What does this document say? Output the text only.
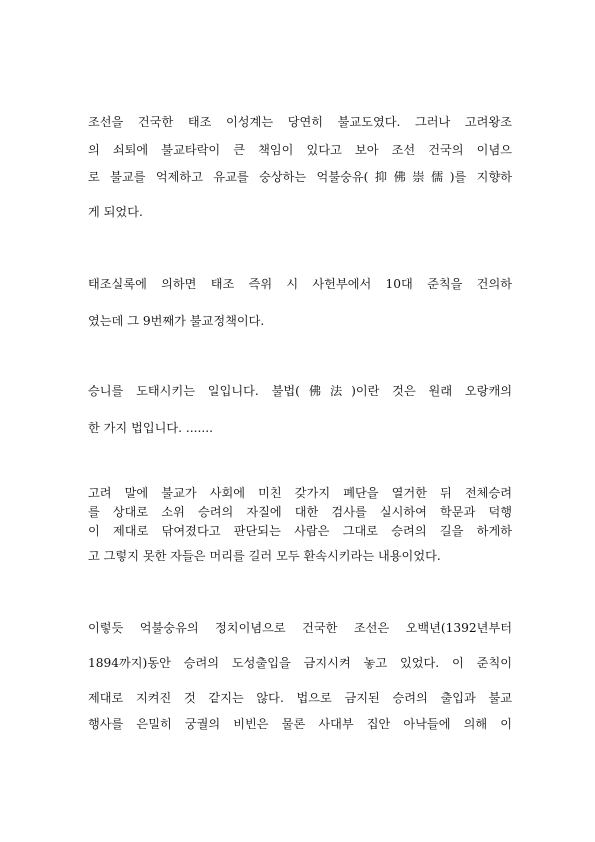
조선을 건국한 태조 이성계는 당연히 불교도였다. 그러나 고려왕조
의 쇠퇴에 불교타락이 큰 책임이 있다고 보아 조선 건국의 이념으
로 불교를 억제하고 유교를 숭상하는 억불숭유(抑佛崇儒)를 지향하
게 되었다.
태조실록에 의하면 태조 즉위 시 사헌부에서 10대 준칙을 건의하
였는데 그 9번째가 불교정책이다.
승니를 도태시키는 일입니다. 불법(佛法)이란 것은 원래 오랑캐의
한 가지 법입니다. .......
고려 말에 불교가 사회에 미친 갖가지 폐단을 열거한 뒤 전체승려
를 상대로 소위 승려의 자질에 대한 검사를 실시하여 학문과 덕행
이 제대로 닦여졌다고 판단되는 사람은 그대로 승려의 길을 하게하
고 그렇지 못한 자들은 머리를 길러 모두 환속시키라는 내용이었다.
이렇듯 억불숭유의 정치이념으로 건국한 조선은 오백년(1392년부터
1894까지)동안 승려의 도성출입을 금지시켜 놓고 있었다. 이 준칙이
제대로 지켜진 것 같지는 않다. 법으로 금지된 승려의 출입과 불교
행사를 은밀히 궁궐의 비빈은 물론 사대부 집안 아낙들에 의해 이
